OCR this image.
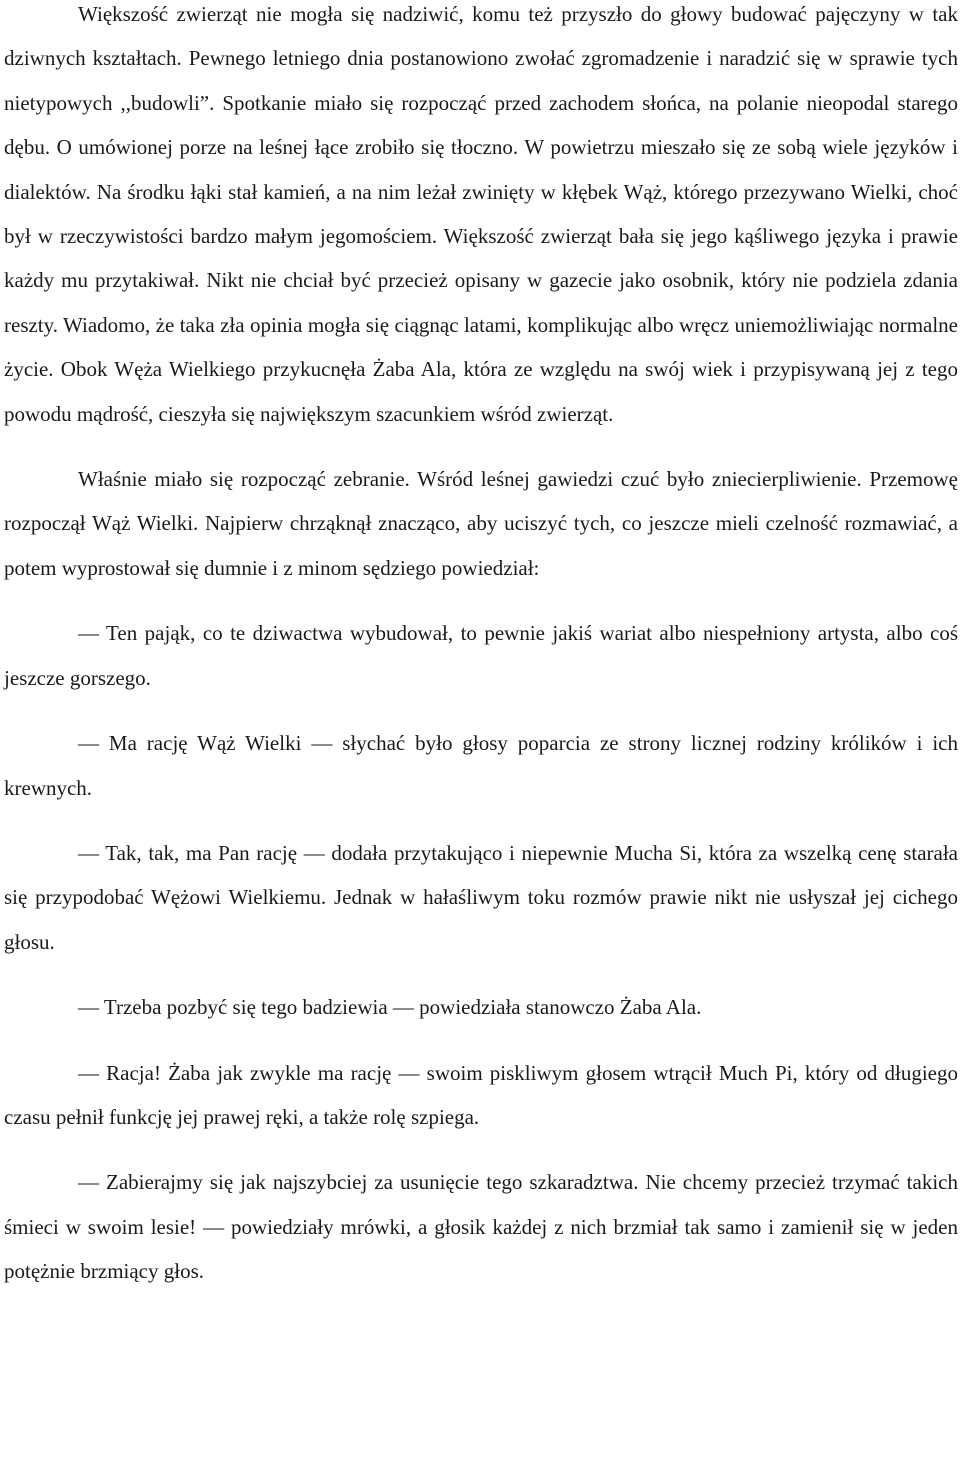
Większość zwierząt nie mogła się nadziwić, komu też przyszło do głowy budować pajęczyny w tak dziwnych kształtach. Pewnego letniego dnia postanowiono zwołać zgromadzenie i naradzić się w sprawie tych nietypowych ,,budowli”. Spotkanie miało się rozpocząć przed zachodem słońca, na polanie nieopodal starego dębu. O umówionej porze na leśnej łące zrobiło się tłoczno. W powietrzu mieszało się ze sobą wiele języków i dialektów. Na środku łąki stał kamień, a na nim leżał zwinięty w kłębek Wąż, którego przezywano Wielki, choć był w rzeczywistości bardzo małym jegomościem. Większość zwierząt bała się jego kąśliwego języka i prawie każdy mu przytakiwał. Nikt nie chciał być przecież opisany w gazecie jako osobnik, który nie podziela zdania reszty. Wiadomo, że taka zła opinia mogła się ciągnąc latami, komplikując albo wręcz uniemożliwiając normalne życie. Obok Węża Wielkiego przykucnęła Żaba Ala, która ze względu na swój wiek i przypisywaną jej z tego powodu mądrość, cieszyła się największym szacunkiem wśród zwierząt.

Właśnie miało się rozpocząć zebranie. Wśród leśnej gawiedzi czuć było zniecierpliwienie. Przemowę rozpoczął Wąż Wielki. Najpierw chrząknął znacząco, aby uciszyć tych, co jeszcze mieli czelność rozmawiać, a potem wyprostował się dumnie i z minom sędziego powiedział:

— Ten pająk, co te dziwactwa wybudował, to pewnie jakiś wariat albo niespełniony artysta, albo coś jeszcze gorszego.

— Ma rację Wąż Wielki — słychać było głosy poparcia ze strony licznej rodziny królików i ich krewnych.

— Tak, tak, ma Pan rację — dodała przytakująco i niepewnie Mucha Si, która za wszelką cenę starała się przypodobać Wężowi Wielkiemu. Jednak w hałaśliwym toku rozmów prawie nikt nie usłyszał jej cichego głosu.

— Trzeba pozbyć się tego badziewia — powiedziała stanowczo Żaba Ala.

— Racja! Żaba jak zwykle ma rację — swoim piskliwym głosem wtrącił Much Pi, który od długiego czasu pełnił funkcję jej prawej ręki, a także rolę szpiega.

— Zabierajmy się jak najszybciej za usunięcie tego szkaradztwa. Nie chcemy przecież trzymać takich śmieci w swoim lesie! — powiedziały mrówki, a głosik każdej z nich brzmiał tak samo i zamienił się w jeden potężnie brzmiący głos.
